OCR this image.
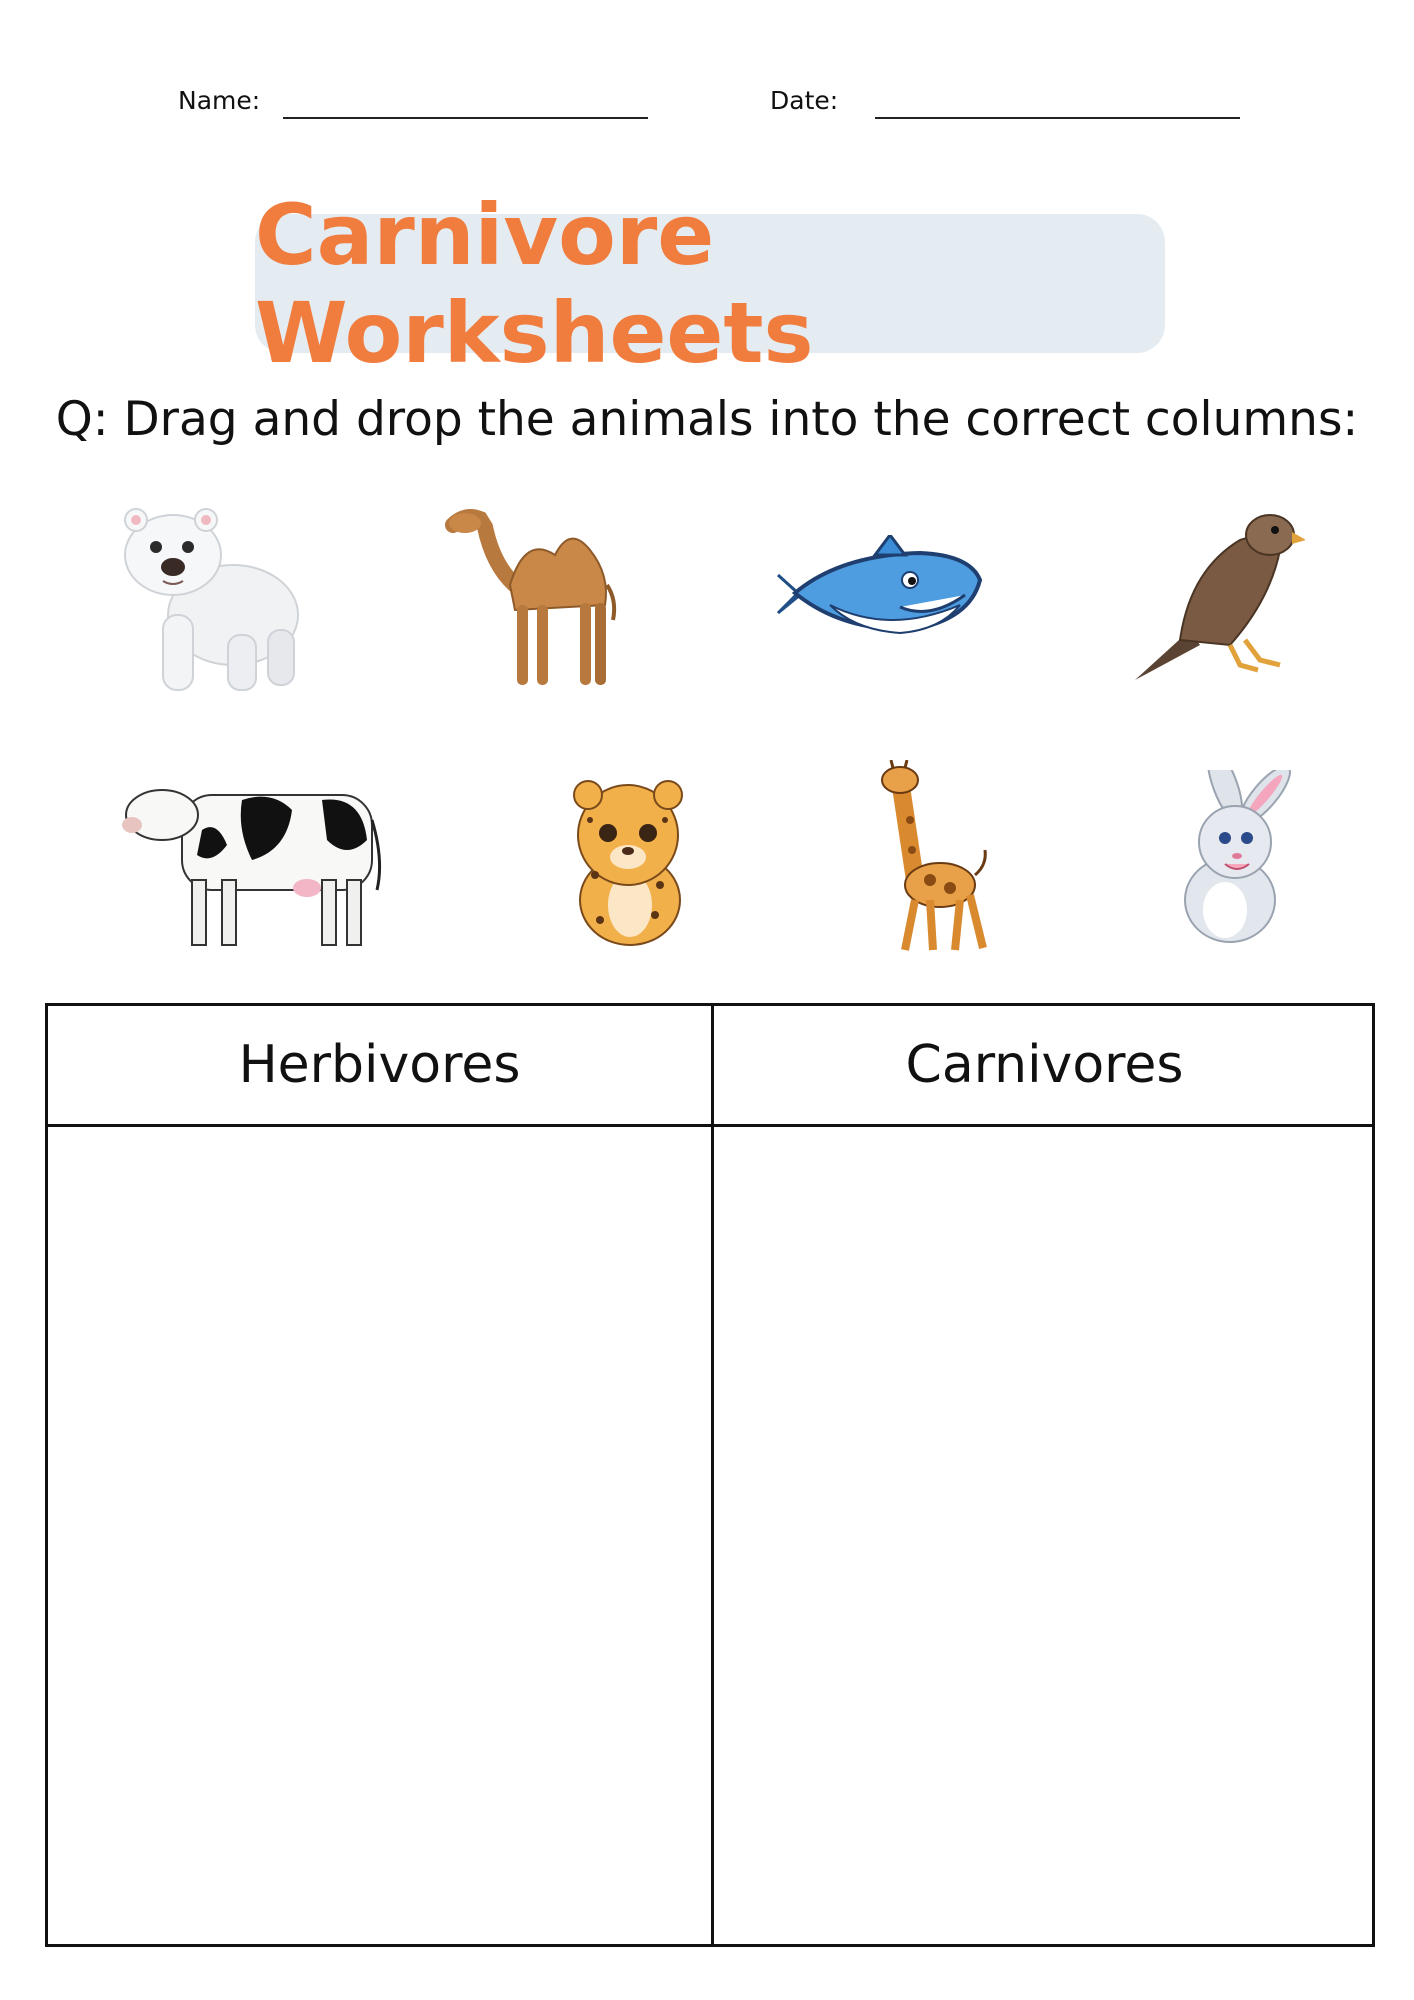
Name:	Date:
Carnivore Worksheets
Q: Drag and drop the animals into the correct columns:
Herbivores	Carnivores
